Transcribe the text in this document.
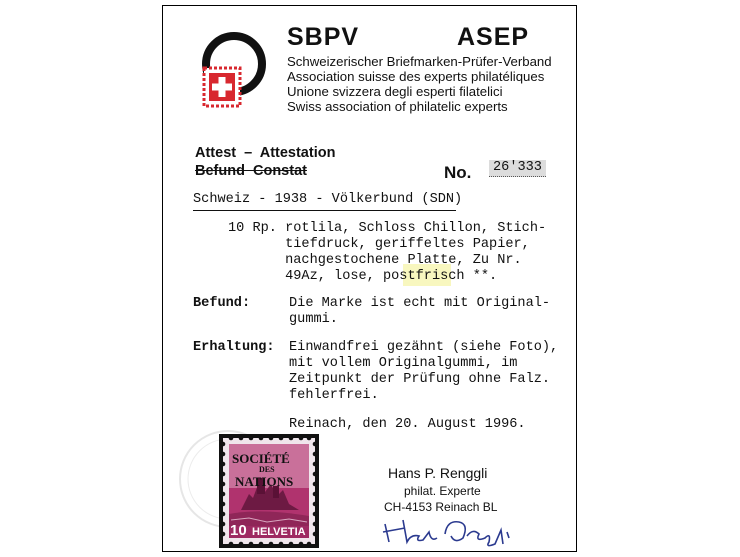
SBPV	ASEP
Schweizerischer Briefmarken-Prüfer-Verband
Association suisse des experts philatéliques
Unione svizzera degli esperti filatelici
Swiss association of philatelic experts
Attest  –  Attestation
Befund  Constat	No. 26'333
Schweiz - 1938 - Völkerbund (SDN)
10 Rp. rotlila, Schloss Chillon, Stich-
tiefdruck, geriffeltes Papier,
nachgestochene Platte, Zu Nr.
49Az, lose, postfrisch **.
Befund:	Die Marke ist echt mit Original-
gummi.
Erhaltung: Einwandfrei gezähnt (siehe Foto),
mit vollem Originalgummi, im
Zeitpunkt der Prüfung ohne Falz.
fehlerfrei.
Reinach, den 20. August 1996.
SOCIÉTÉ
DES
NATIONS
10 HELVETIA
Hans P. Renggli
philat. Experte
CH-4153 Reinach BL
